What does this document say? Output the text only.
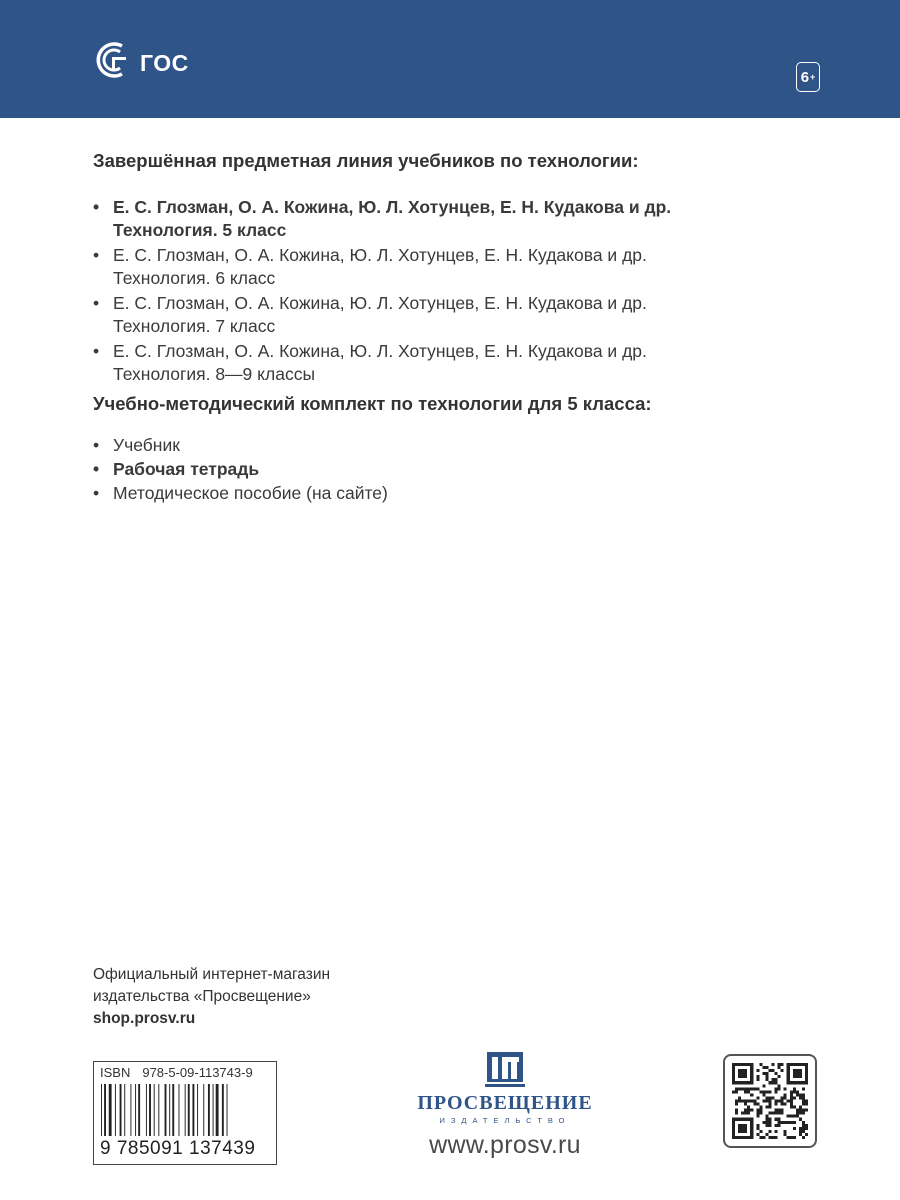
ГОС
6 +
Завершённая предметная линия учебников по технологии:
• Е. С. Глозман, О. А. Кожина, Ю. Л. Хотунцев, Е. Н. Кудакова и др.
Технология. 5 класс
• Е. С. Глозман, О. А. Кожина, Ю. Л. Хотунцев, Е. Н. Кудакова и др.
Технология. 6 класс
• Е. С. Глозман, О. А. Кожина, Ю. Л. Хотунцев, Е. Н. Кудакова и др.
Технология. 7 класс
• Е. С. Глозман, О. А. Кожина, Ю. Л. Хотунцев, Е. Н. Кудакова и др.
Технология. 8—9 классы
Учебно-методический комплект по технологии для 5 класса:
• Учебник
• Рабочая тетрадь
• Методическое пособие (на сайте)
Официальный интернет-магазин
издательства «Просвещение»
shop.prosv.ru
ISBN 978-5-09-113743-9
9 785091 137439
ПРОСВЕЩЕНИЕ
ИЗДАТЕЛЬСТВО
www.prosv.ru
